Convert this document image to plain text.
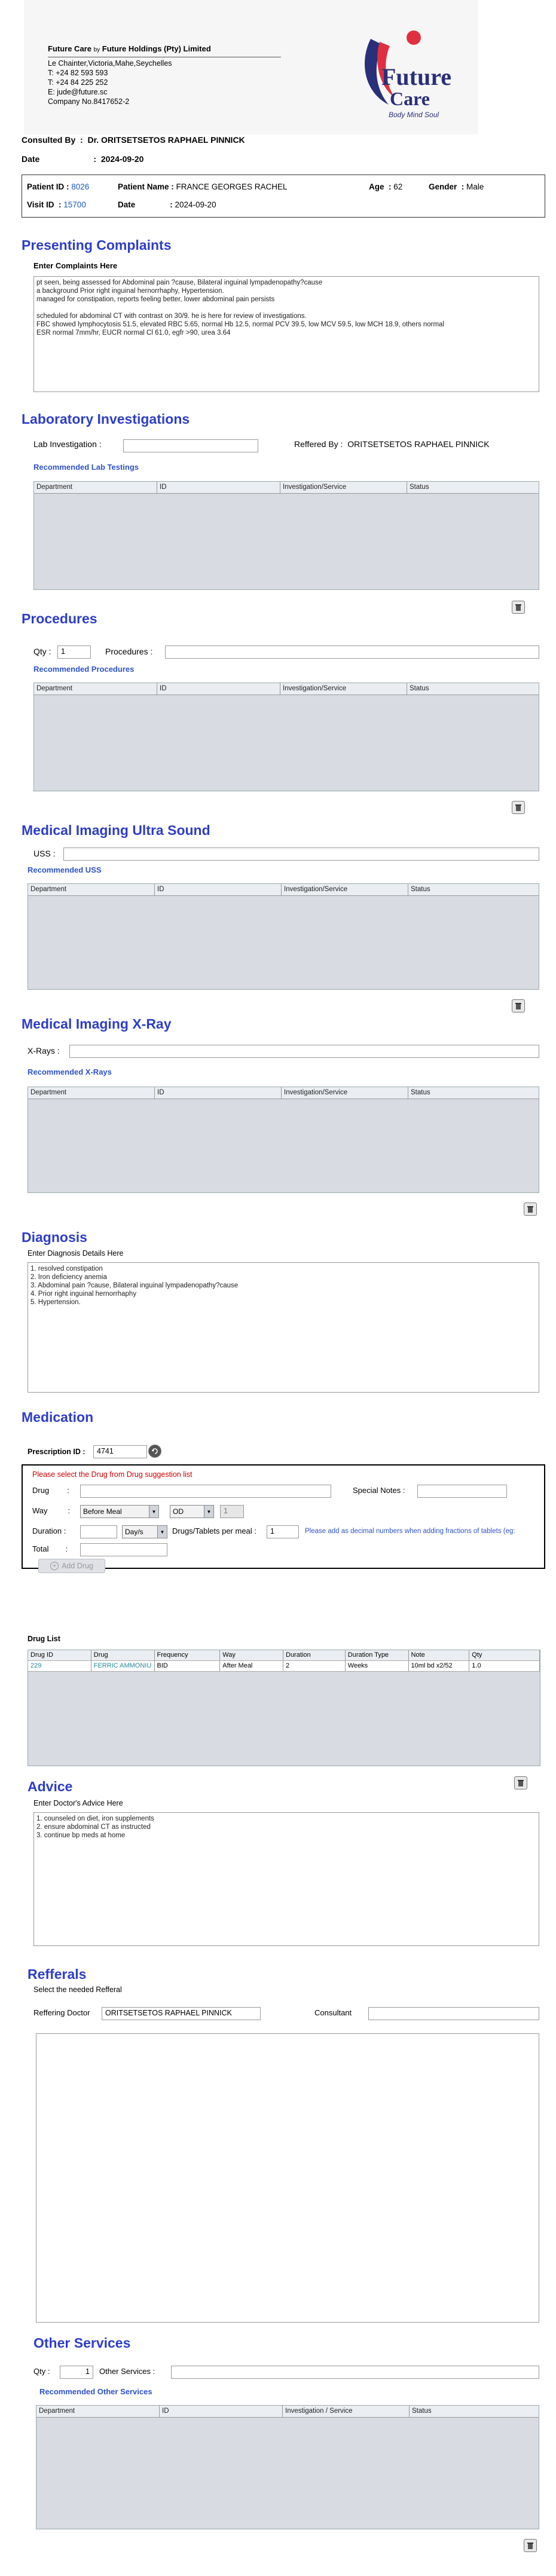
Future Care by Future Holdings (Pty) Limited
Le Chainter,Victoria,Mahe,Seychelles
T: +24 82 593 593
T: +24 84 225 252
E: jude@future.sc
Company No.8417652-2
Future
Care
Body Mind Soul
Consulted By  :  Dr. ORITSETSETOS RAPHAEL PINNICK
Date	:  2024-09-20
Patient ID : 8026	Patient Name : FRANCE GEORGES RACHEL	Age  : 62	Gender  : Male
Visit ID  : 15700	Date	: 2024-09-20
Presenting Complaints
Enter Complaints Here
pt seen, being assessed for Abdominal pain ?cause, Bilateral inguinal lympadenopathy?cause
a background Prior right inguinal hernorrhaphy, Hypertension.
managed for constipation, reports feeling better, lower abdominal pain persists

scheduled for abdominal CT with contrast on 30/9. he is here for review of investigations.
FBC showed lymphocytosis 51.5, elevated RBC 5.65, normal Hb 12.5, normal PCV 39.5, low MCV 59.5, low MCH 18.9, others normal
ESR normal 7mm/hr, EUCR normal Cl 61.0, egfr >90, urea 3.64
Laboratory Investigations
Lab Investigation :	Reffered By : ORITSETSETOS RAPHAEL PINNICK
Recommended Lab Testings
Department	ID	Investigation/Service	Status
Procedures
Qty :	1	Procedures :
Recommended Procedures
Department	ID	Investigation/Service	Status
Medical Imaging Ultra Sound
USS :
Recommended USS
Department	ID	Investigation/Service	Status
Medical Imaging X-Ray
X-Rays :
Recommended X-Rays
Department	ID	Investigation/Service	Status
Diagnosis
Enter Diagnosis Details Here
1. resolved constipation
2. Iron deficiency anemia
3. Abdominal pain ?cause, Bilateral inguinal lympadenopathy?cause
4. Prior right inguinal hernorrhaphy
5. Hypertension.
Medication
Prescription ID :	4741
Please select the Drug from Drug suggestion list
Drug :	Special Notes :
Way	:	Before Meal	▼	OD	▼	1
Duration :	Day/s	▼ Drugs/Tablets per meal :	1	Please add as decimal numbers when adding fractions of tablets (eg:
Total :
+ Add Drug
Drug List
Drug ID	Drug	Frequency	Way	Duration	Duration Type	Note	Qty
229	FERRIC AMMONIU BID	After Meal	2	Weeks	10ml bd x2/52	1.0
Advice
Enter Doctor's Advice Here
1. counseled on diet, iron supplements
2. ensure abdominal CT as instructed
3. continue bp meds at home
Refferals
Select the needed Refferal
Reffering Doctor	ORITSETSETOS RAPHAEL PINNICK	Consultant
Other Services
Qty :	1	Other Services :
Recommended Other Services
Department	ID	Investigation / Service	Status
